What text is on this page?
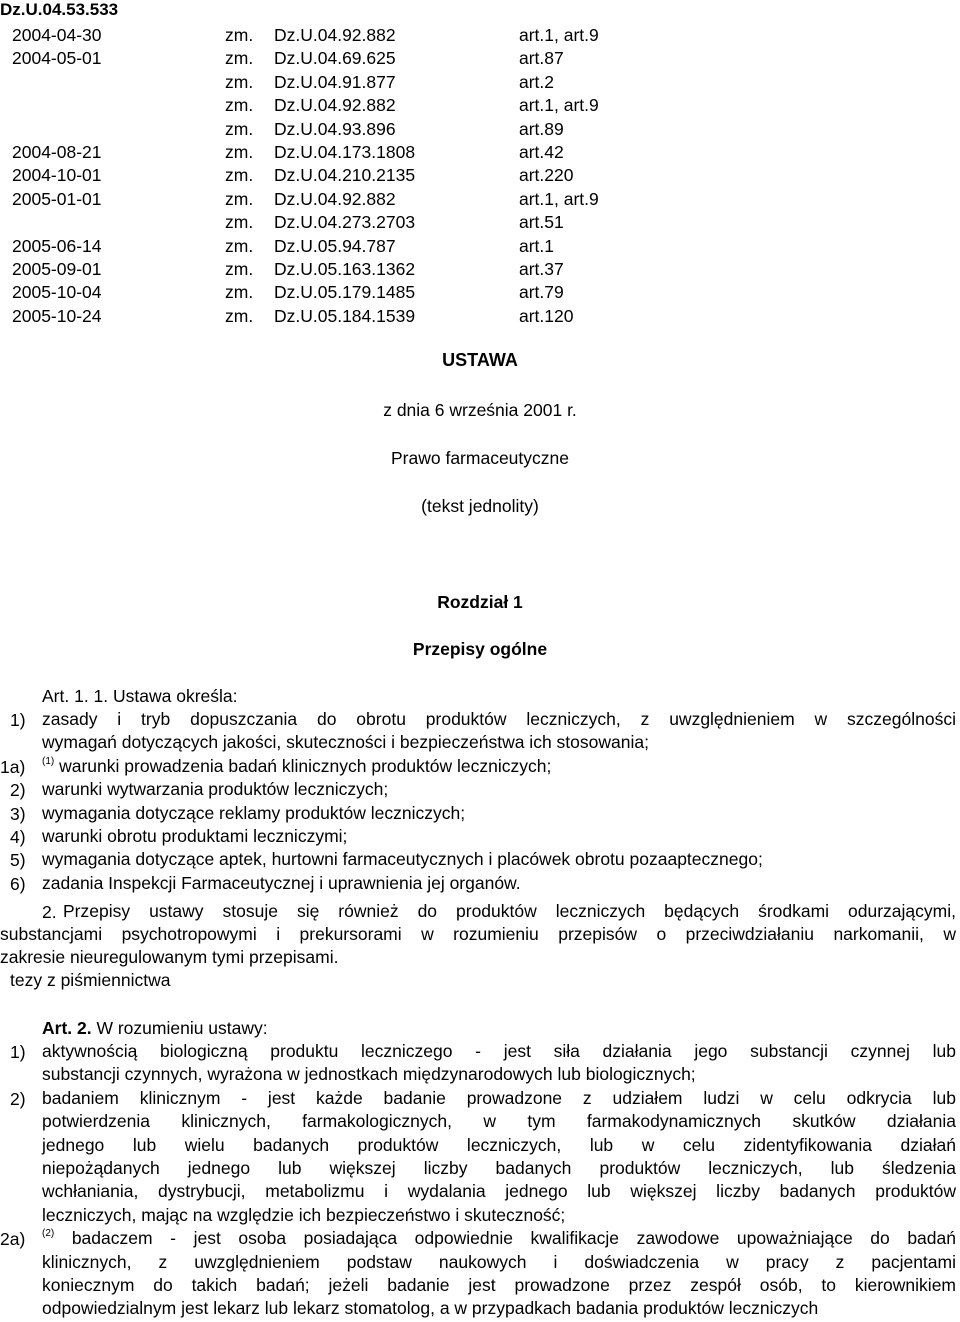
Dz.U.04.53.533
2004-04-30	zm. Dz.U.04.92.882	art.1, art.9
2004-05-01	zm. Dz.U.04.69.625	art.87
zm. Dz.U.04.91.877	art.2
zm. Dz.U.04.92.882	art.1, art.9
zm. Dz.U.04.93.896	art.89
2004-08-21	zm. Dz.U.04.173.1808	art.42
2004-10-01	zm. Dz.U.04.210.2135	art.220
2005-01-01	zm. Dz.U.04.92.882	art.1, art.9
zm. Dz.U.04.273.2703	art.51
2005-06-14	zm. Dz.U.05.94.787	art.1
2005-09-01	zm. Dz.U.05.163.1362	art.37
2005-10-04	zm. Dz.U.05.179.1485	art.79
2005-10-24	zm. Dz.U.05.184.1539	art.120
USTAWA
z dnia 6 września 2001 r.
Prawo farmaceutyczne
(tekst jednolity)
Rozdział 1
Przepisy ogólne
Art. 1. 1. Ustawa określa:
1) zasady i tryb dopuszczania do obrotu produktów leczniczych, z uwzględnieniem w szczególności
wymagań dotyczących jakości, skuteczności i bezpieczeństwa ich stosowania;
1a) $^{(1)}$ warunki prowadzenia badań klinicznych produktów leczniczych;
2) warunki wytwarzania produktów leczniczych;
3) wymagania dotyczące reklamy produktów leczniczych;
4) warunki obrotu produktami leczniczymi;
5) wymagania dotyczące aptek, hurtowni farmaceutycznych i placówek obrotu pozaaptecznego;
6) zadania Inspekcji Farmaceutycznej i uprawnienia jej organów.
2. Przepisy ustawy stosuje się również do produktów leczniczych będących środkami odurzającymi,
substancjami psychotropowymi i prekursorami w rozumieniu przepisów o przeciwdziałaniu narkomanii, w
zakresie nieuregulowanym tymi przepisami.
tezy z piśmiennictwa
Art. 2. W rozumieniu ustawy:
1) aktywnością biologiczną produktu leczniczego - jest siła działania jego substancji czynnej lub
substancji czynnych, wyrażona w jednostkach międzynarodowych lub biologicznych;
2) badaniem klinicznym - jest każde badanie prowadzone z udziałem ludzi w celu odkrycia lub
potwierdzenia klinicznych, farmakologicznych, w tym farmakodynamicznych skutków działania
jednego lub wielu badanych produktów leczniczych, lub w celu zidentyfikowania działań
niepożądanych jednego lub większej liczby badanych produktów leczniczych, lub śledzenia
wchłaniania, dystrybucji, metabolizmu i wydalania jednego lub większej liczby badanych produktów
leczniczych, mając na względzie ich bezpieczeństwo i skuteczność;
2a) $^{(2)}$ badaczem - jest osoba posiadająca odpowiednie kwalifikacje zawodowe upoważniające do badań
klinicznych, z uwzględnieniem podstaw naukowych i doświadczenia w pracy z pacjentami
koniecznym do takich badań; jeżeli badanie jest prowadzone przez zespół osób, to kierownikiem
odpowiedzialnym jest lekarz lub lekarz stomatolog, a w przypadkach badania produktów leczniczych
